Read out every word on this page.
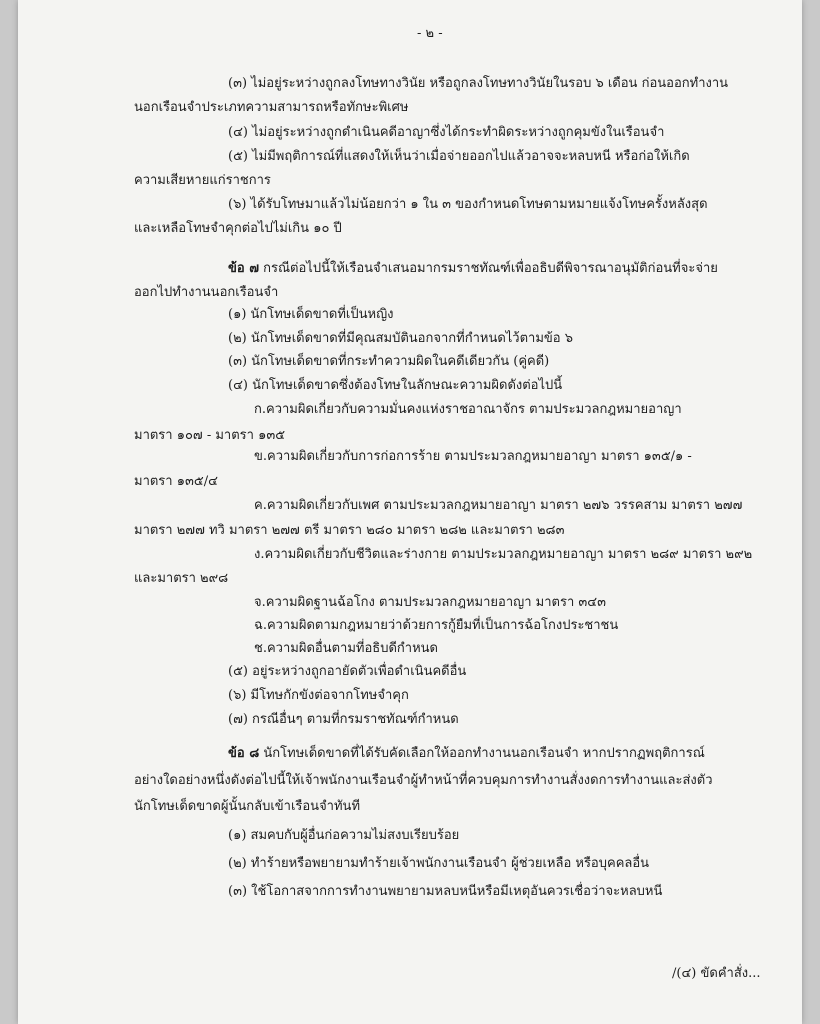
- ๒ -
(๓) ไม่อยู่ระหว่างถูกลงโทษทางวินัย หรือถูกลงโทษทางวินัยในรอบ ๖ เดือน ก่อนออกทำงาน
นอกเรือนจำประเภทความสามารถหรือทักษะพิเศษ
(๔) ไม่อยู่ระหว่างถูกดำเนินคดีอาญาซึ่งได้กระทำผิดระหว่างถูกคุมขังในเรือนจำ
(๕) ไม่มีพฤติการณ์ที่แสดงให้เห็นว่าเมื่อจ่ายออกไปแล้วอาจจะหลบหนี หรือก่อให้เกิด
ความเสียหายแก่ราชการ
(๖) ได้รับโทษมาแล้วไม่น้อยกว่า ๑ ใน ๓ ของกำหนดโทษตามหมายแจ้งโทษครั้งหลังสุด
และเหลือโทษจำคุกต่อไปไม่เกิน ๑๐ ปี
ข้อ ๗ กรณีต่อไปนี้ให้เรือนจำเสนอมากรมราชทัณฑ์เพื่ออธิบดีพิจารณาอนุมัติก่อนที่จะจ่าย
ออกไปทำงานนอกเรือนจำ
(๑) นักโทษเด็ดขาดที่เป็นหญิง
(๒) นักโทษเด็ดขาดที่มีคุณสมบัตินอกจากที่กำหนดไว้ตามข้อ ๖
(๓) นักโทษเด็ดขาดที่กระทำความผิดในคดีเดียวกัน (คู่คดี)
(๔) นักโทษเด็ดขาดซึ่งต้องโทษในลักษณะความผิดดังต่อไปนี้
ก.ความผิดเกี่ยวกับความมั่นคงแห่งราชอาณาจักร ตามประมวลกฎหมายอาญา
มาตรา ๑๐๗ - มาตรา ๑๓๕
ข.ความผิดเกี่ยวกับการก่อการร้าย ตามประมวลกฎหมายอาญา มาตรา ๑๓๕/๑ -
มาตรา ๑๓๕/๔
ค.ความผิดเกี่ยวกับเพศ ตามประมวลกฎหมายอาญา มาตรา ๒๗๖ วรรคสาม มาตรา ๒๗๗
มาตรา ๒๗๗ ทวิ มาตรา ๒๗๗ ตรี มาตรา ๒๘๐ มาตรา ๒๘๒ และมาตรา ๒๘๓
ง.ความผิดเกี่ยวกับชีวิตและร่างกาย ตามประมวลกฎหมายอาญา มาตรา ๒๘๙ มาตรา ๒๙๒
และมาตรา ๒๙๘
จ.ความผิดฐานฉ้อโกง ตามประมวลกฎหมายอาญา มาตรา ๓๔๓
ฉ.ความผิดตามกฎหมายว่าด้วยการกู้ยืมที่เป็นการฉ้อโกงประชาชน
ช.ความผิดอื่นตามที่อธิบดีกำหนด
(๕) อยู่ระหว่างถูกอายัดตัวเพื่อดำเนินคดีอื่น
(๖) มีโทษกักขังต่อจากโทษจำคุก
(๗) กรณีอื่นๆ ตามที่กรมราชทัณฑ์กำหนด
ข้อ ๘ นักโทษเด็ดขาดที่ได้รับคัดเลือกให้ออกทำงานนอกเรือนจำ หากปรากฏพฤติการณ์
อย่างใดอย่างหนึ่งดังต่อไปนี้ให้เจ้าพนักงานเรือนจำผู้ทำหน้าที่ควบคุมการทำงานสั่งงดการทำงานและส่งตัว
นักโทษเด็ดขาดผู้นั้นกลับเข้าเรือนจำทันที
(๑) สมคบกับผู้อื่นก่อความไม่สงบเรียบร้อย
(๒) ทำร้ายหรือพยายามทำร้ายเจ้าพนักงานเรือนจำ ผู้ช่วยเหลือ หรือบุคคลอื่น
(๓) ใช้โอกาสจากการทำงานพยายามหลบหนีหรือมีเหตุอันควรเชื่อว่าจะหลบหนี
/(๔) ขัดคำสั่ง...
